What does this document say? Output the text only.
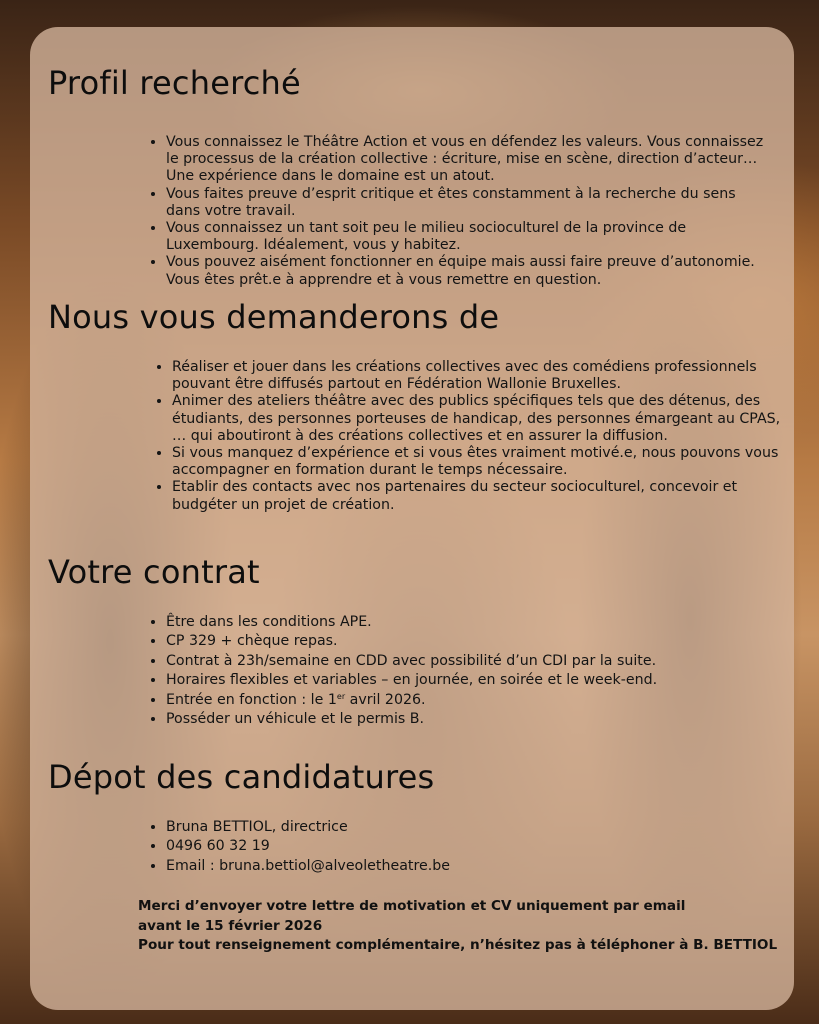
Profil recherché
• Vous connaissez le Théâtre Action et vous en défendez les valeurs. Vous connaissez le processus de la création collective : écriture, mise en scène, direction d’acteur… Une expérience dans le domaine est un atout.
• Vous faites preuve d’esprit critique et êtes constamment à la recherche du sens dans votre travail.
• Vous connaissez un tant soit peu le milieu socioculturel de la province de Luxembourg. Idéalement, vous y habitez.
• Vous pouvez aisément fonctionner en équipe mais aussi faire preuve d’autonomie. Vous êtes prêt.e à apprendre et à vous remettre en question.
Nous vous demanderons de
• Réaliser et jouer dans les créations collectives avec des comédiens professionnels pouvant être diffusés partout en Fédération Wallonie Bruxelles.
• Animer des ateliers théâtre avec des publics spécifiques tels que des détenus, des étudiants, des personnes porteuses de handicap, des personnes émargeant au CPAS, … qui aboutiront à des créations collectives et en assurer la diffusion.
• Si vous manquez d’expérience et si vous êtes vraiment motivé.e, nous pouvons vous accompagner en formation durant le temps nécessaire.
• Etablir des contacts avec nos partenaires du secteur socioculturel, concevoir et budgéter un projet de création.
Votre contrat
• Être dans les conditions APE.
• CP 329 + chèque repas.
• Contrat à 23h/semaine en CDD avec possibilité d’un CDI par la suite.
• Horaires flexibles et variables – en journée, en soirée et le week-end.
• Entrée en fonction : le 1er avril 2026.
• Posséder un véhicule et le permis B.
Dépot des candidatures
• Bruna BETTIOL, directrice
• 0496 60 32 19
• Email : bruna.bettiol@alveoletheatre.be
Merci d’envoyer votre lettre de motivation et CV uniquement par email
avant le 15 février 2026
Pour tout renseignement complémentaire, n’hésitez pas à téléphoner à B. BETTIOL
